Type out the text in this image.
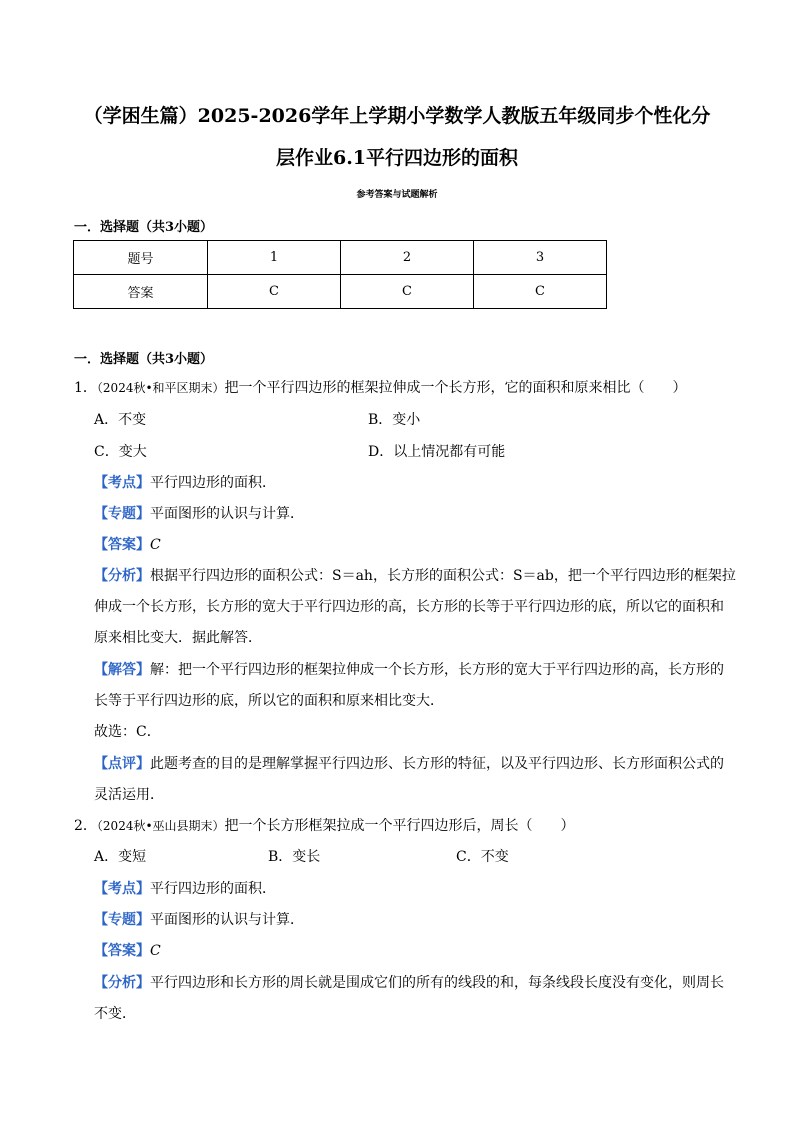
（学困生篇）2025-2026学年上学期小学数学人教版五年级同步个性化分
层作业6.1平行四边形的面积
参考答案与试题解析
一．选择题（共3小题）
题号	1	2	3
答案	C	C	C
一．选择题（共3小题）
1．（2024秋•和平区期末）把一个平行四边形的框架拉伸成一个长方形，它的面积和原来相比（　　）
A．不变	B．变小
C．变大	D．以上情况都有可能
【考点】平行四边形的面积．
【专题】平面图形的认识与计算．
【答案】C
【分析】根据平行四边形的面积公式：S＝ah，长方形的面积公式：S＝ab，把一个平行四边形的框架拉
伸成一个长方形，长方形的宽大于平行四边形的高，长方形的长等于平行四边形的底，所以它的面积和
原来相比变大．据此解答．
【解答】解：把一个平行四边形的框架拉伸成一个长方形，长方形的宽大于平行四边形的高，长方形的
长等于平行四边形的底，所以它的面积和原来相比变大．
故选：C．
【点评】此题考查的目的是理解掌握平行四边形、长方形的特征，以及平行四边形、长方形面积公式的
灵活运用．
2．（2024秋•巫山县期末）把一个长方形框架拉成一个平行四边形后，周长（　　）
A．变短	B．变长	C．不变
【考点】平行四边形的面积．
【专题】平面图形的认识与计算．
【答案】C
【分析】平行四边形和长方形的周长就是围成它们的所有的线段的和，每条线段长度没有变化，则周长
不变．
